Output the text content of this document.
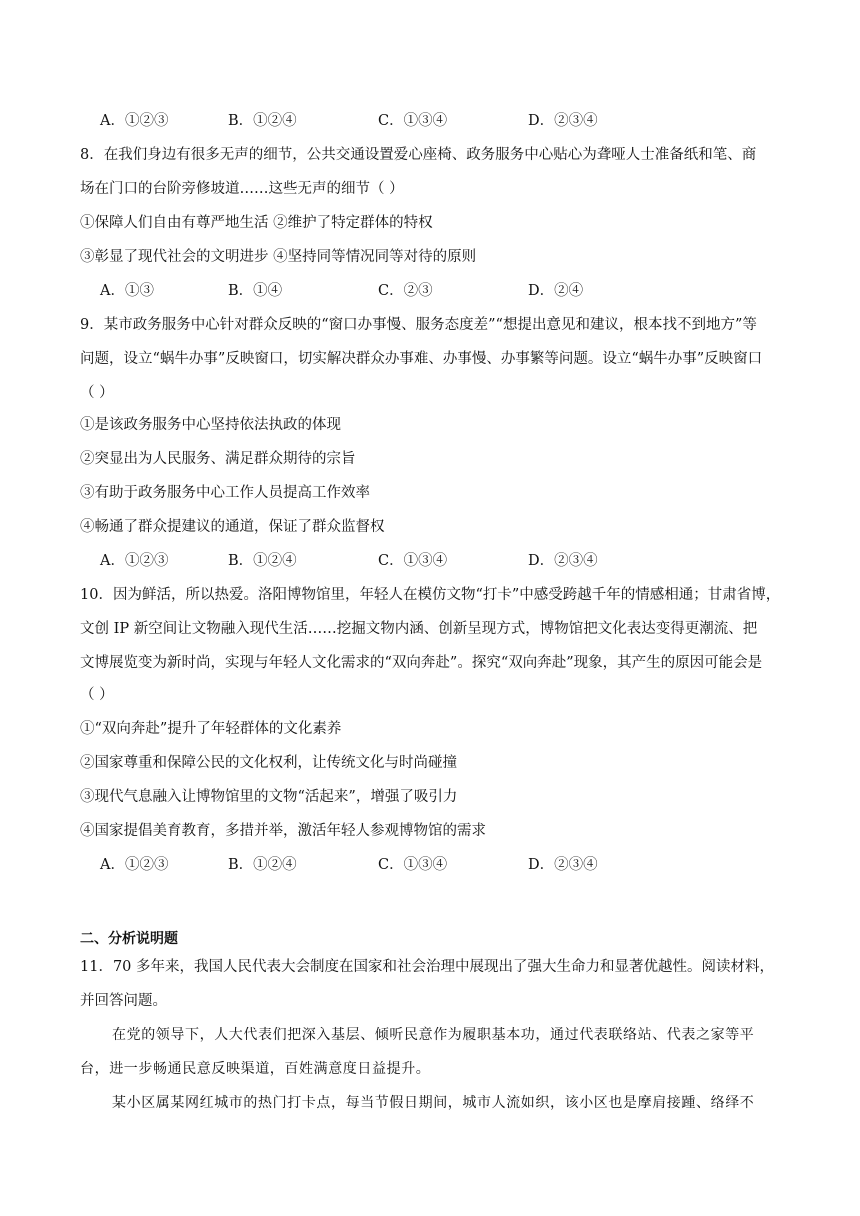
A．①②③	B．①②④	C．①③④	D．②③④
8．在我们身边有很多无声的细节，公共交通设置爱心座椅、政务服务中心贴心为聋哑人士准备纸和笔、商
场在门口的台阶旁修坡道……这些无声的细节（ ）
①保障人们自由有尊严地生活 ②维护了特定群体的特权
③彰显了现代社会的文明进步 ④坚持同等情况同等对待的原则
A．①③	B．①④	C．②③	D．②④
9．某市政务服务中心针对群众反映的“窗口办事慢、服务态度差”“想提出意见和建议，根本找不到地方”等
问题，设立“蜗牛办事”反映窗口，切实解决群众办事难、办事慢、办事繁等问题。设立“蜗牛办事”反映窗口
（ ）
①是该政务服务中心坚持依法执政的体现
②突显出为人民服务、满足群众期待的宗旨
③有助于政务服务中心工作人员提高工作效率
④畅通了群众提建议的通道，保证了群众监督权
A．①②③	B．①②④	C．①③④	D．②③④
10．因为鲜活，所以热爱。洛阳博物馆里，年轻人在模仿文物“打卡”中感受跨越千年的情感相通；甘肃省博，
文创 IP 新空间让文物融入现代生活……挖掘文物内涵、创新呈现方式，博物馆把文化表达变得更潮流、把
文博展览变为新时尚，实现与年轻人文化需求的“双向奔赴”。探究“双向奔赴”现象，其产生的原因可能会是
（ ）
①“双向奔赴”提升了年轻群体的文化素养
②国家尊重和保障公民的文化权利，让传统文化与时尚碰撞
③现代气息融入让博物馆里的文物“活起来”，增强了吸引力
④国家提倡美育教育，多措并举，激活年轻人参观博物馆的需求
A．①②③	B．①②④	C．①③④	D．②③④
二、分析说明题
11．70 多年来，我国人民代表大会制度在国家和社会治理中展现出了强大生命力和显著优越性。阅读材料，
并回答问题。
在党的领导下，人大代表们把深入基层、倾听民意作为履职基本功，通过代表联络站、代表之家等平
台，进一步畅通民意反映渠道，百姓满意度日益提升。
某小区属某网红城市的热门打卡点，每当节假日期间，城市人流如织，该小区也是摩肩接踵、络绎不
